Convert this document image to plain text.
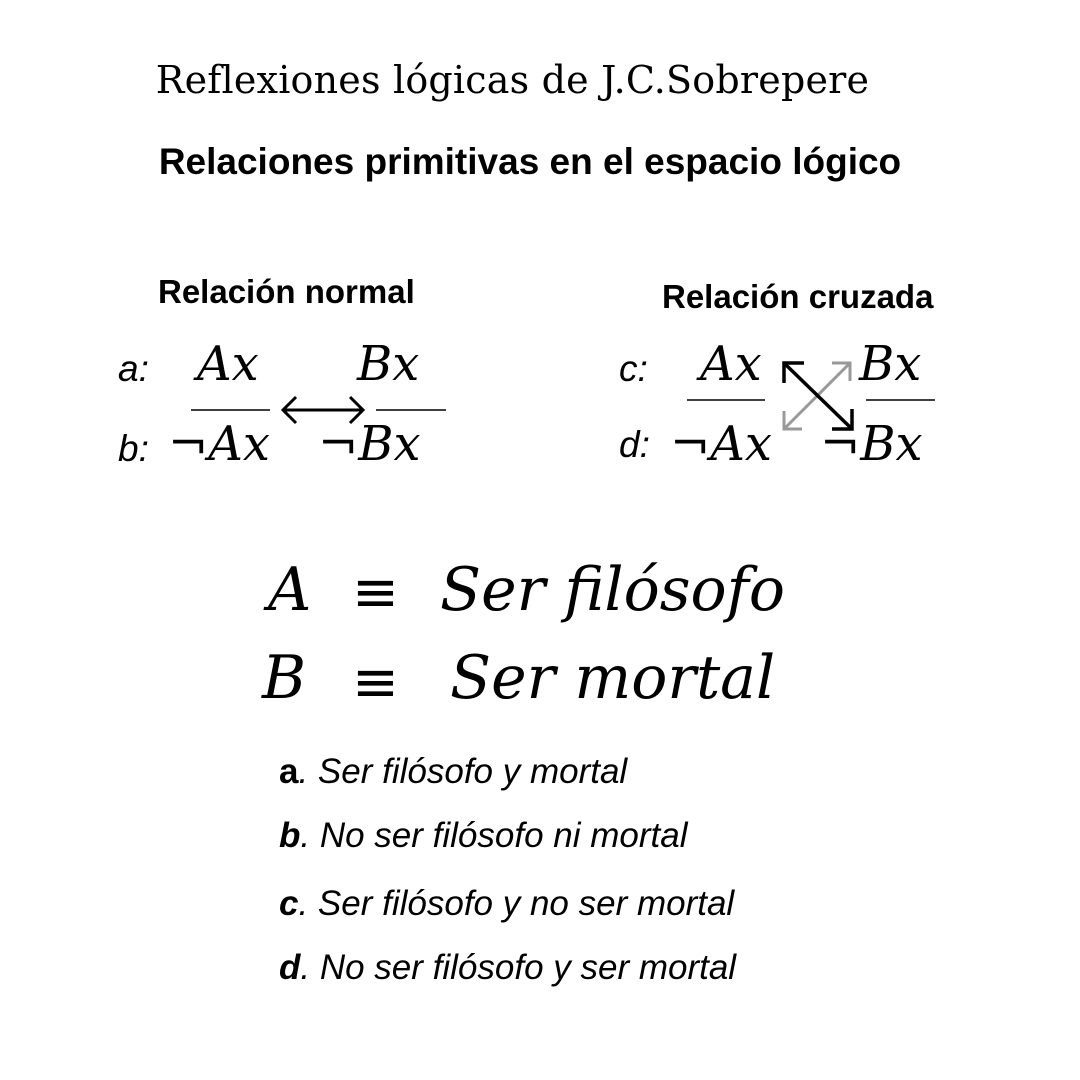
Reflexiones lógicas de J.C.Sobrepere
Relaciones primitivas en el espacio lógico
Relación normal
a:
b:
Ax Bx
¬Ax ¬Bx
Relación cruzada
c:
d:
Ax Bx
¬Ax ¬Bx
A ≡ Ser filósofo
B ≡ Ser mortal
a. Ser filósofo y mortal
b. No ser filósofo ni mortal
c. Ser filósofo y no ser mortal
d. No ser filósofo y ser mortal
